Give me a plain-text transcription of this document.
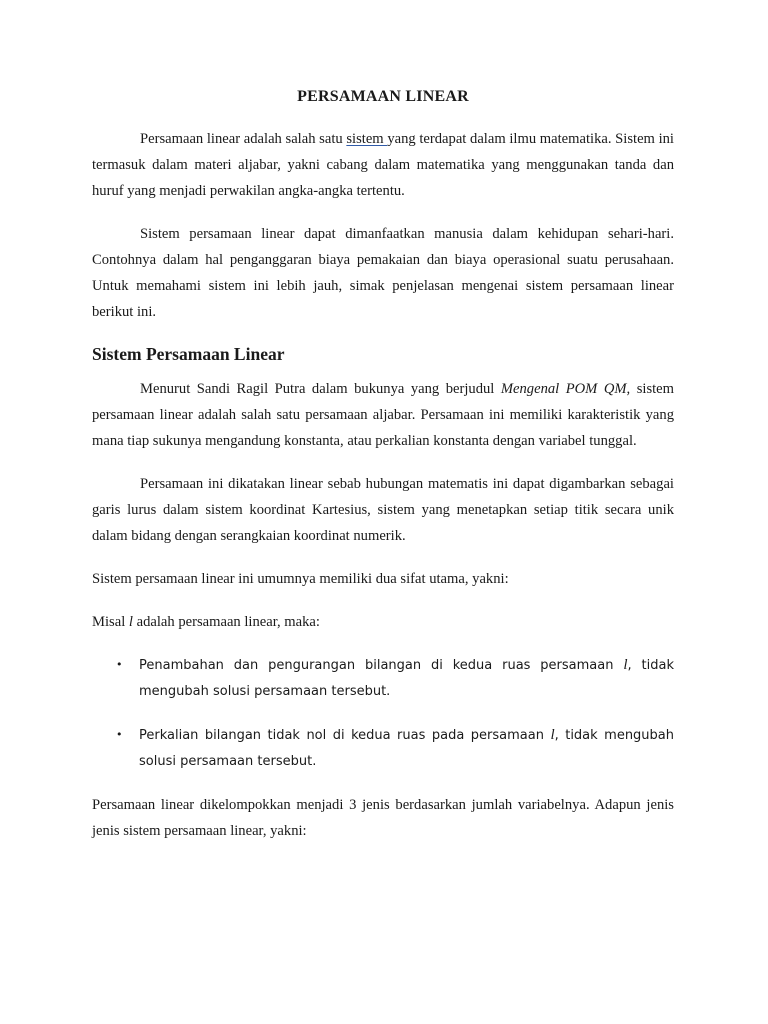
PERSAMAAN LINEAR

Persamaan linear adalah salah satu sistem yang terdapat dalam ilmu matematika. Sistem ini termasuk dalam materi aljabar, yakni cabang dalam matematika yang menggunakan tanda dan huruf yang menjadi perwakilan angka-angka tertentu.

Sistem persamaan linear dapat dimanfaatkan manusia dalam kehidupan sehari-hari. Contohnya dalam hal penganggaran biaya pemakaian dan biaya operasional suatu perusahaan. Untuk memahami sistem ini lebih jauh, simak penjelasan mengenai sistem persamaan linear berikut ini.

Sistem Persamaan Linear

Menurut Sandi Ragil Putra dalam bukunya yang berjudul Mengenal POM QM, sistem persamaan linear adalah salah satu persamaan aljabar. Persamaan ini memiliki karakteristik yang mana tiap sukunya mengandung konstanta, atau perkalian konstanta dengan variabel tunggal.

Persamaan ini dikatakan linear sebab hubungan matematis ini dapat digambarkan sebagai garis lurus dalam sistem koordinat Kartesius, sistem yang menetapkan setiap titik secara unik dalam bidang dengan serangkaian koordinat numerik.

Sistem persamaan linear ini umumnya memiliki dua sifat utama, yakni:

Misal l adalah persamaan linear, maka:

• Penambahan dan pengurangan bilangan di kedua ruas persamaan l, tidak mengubah solusi persamaan tersebut.
• Perkalian bilangan tidak nol di kedua ruas pada persamaan l, tidak mengubah solusi persamaan tersebut.

Persamaan linear dikelompokkan menjadi 3 jenis berdasarkan jumlah variabelnya. Adapun jenis jenis sistem persamaan linear, yakni:
